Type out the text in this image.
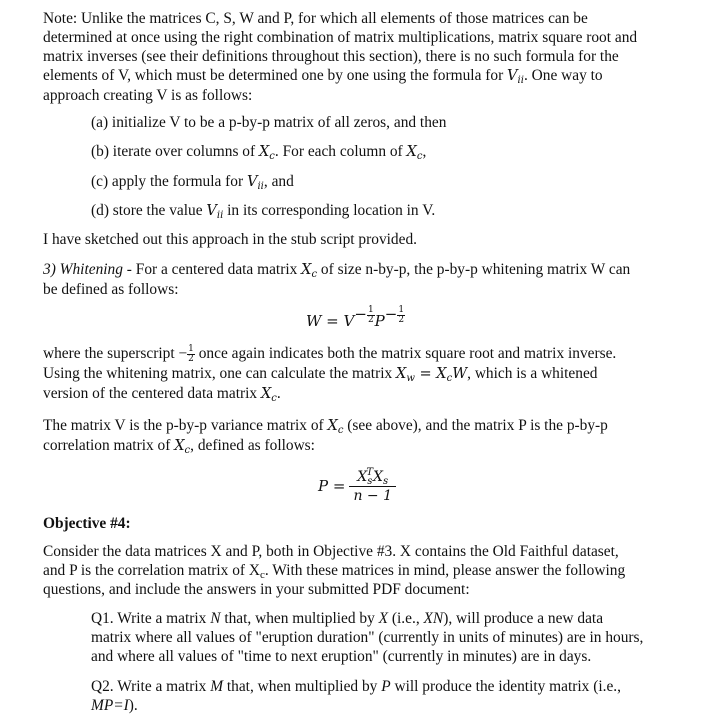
Note: Unlike the matrices C, S, W and P, for which all elements of those matrices can be
determined at once using the right combination of matrix multiplications, matrix square root and
matrix inverses (see their definitions throughout this section), there is no such formula for the
elements of V, which must be determined one by one using the formula for $V_{ii}$. One way to
approach creating V is as follows:

(a) initialize V to be a p-by-p matrix of all zeros, and then

(b) iterate over columns of $X_c$. For each column of $X_c$,

(c) apply the formula for $V_{ii}$, and

(d) store the value $V_{ii}$ in its corresponding location in V.

I have sketched out this approach in the stub script provided.

3) Whitening - For a centered data matrix $X_c$ of size n-by-p, the p-by-p whitening matrix W can
be defined as follows:

$W = V- \frac{1}{2} P- \frac{1}{2}$

where the superscript − $\frac{1}{2}$ once again indicates both the matrix square root and matrix inverse.
Using the whitening matrix, one can calculate the matrix $X_w = X_cW$, which is a whitened
version of the centered data matrix $X_c$.

The matrix V is the p-by-p variance matrix of $X_c$ (see above), and the matrix P is the p-by-p
correlation matrix of $X_c$, defined as follows:

$P = X_s^TX_s$
n − 1

Objective #4:

Consider the data matrices X and P, both in Objective #3. X contains the Old Faithful dataset,
and P is the correlation matrix of $X_c$. With these matrices in mind, please answer the following
questions, and include the answers in your submitted PDF document:

Q1. Write a matrix N that, when multiplied by X (i.e., XN), will produce a new data
matrix where all values of "eruption duration" (currently in units of minutes) are in hours,
and where all values of "time to next eruption" (currently in minutes) are in days.

Q2. Write a matrix M that, when multiplied by P will produce the identity matrix (i.e.,
MP=I).
